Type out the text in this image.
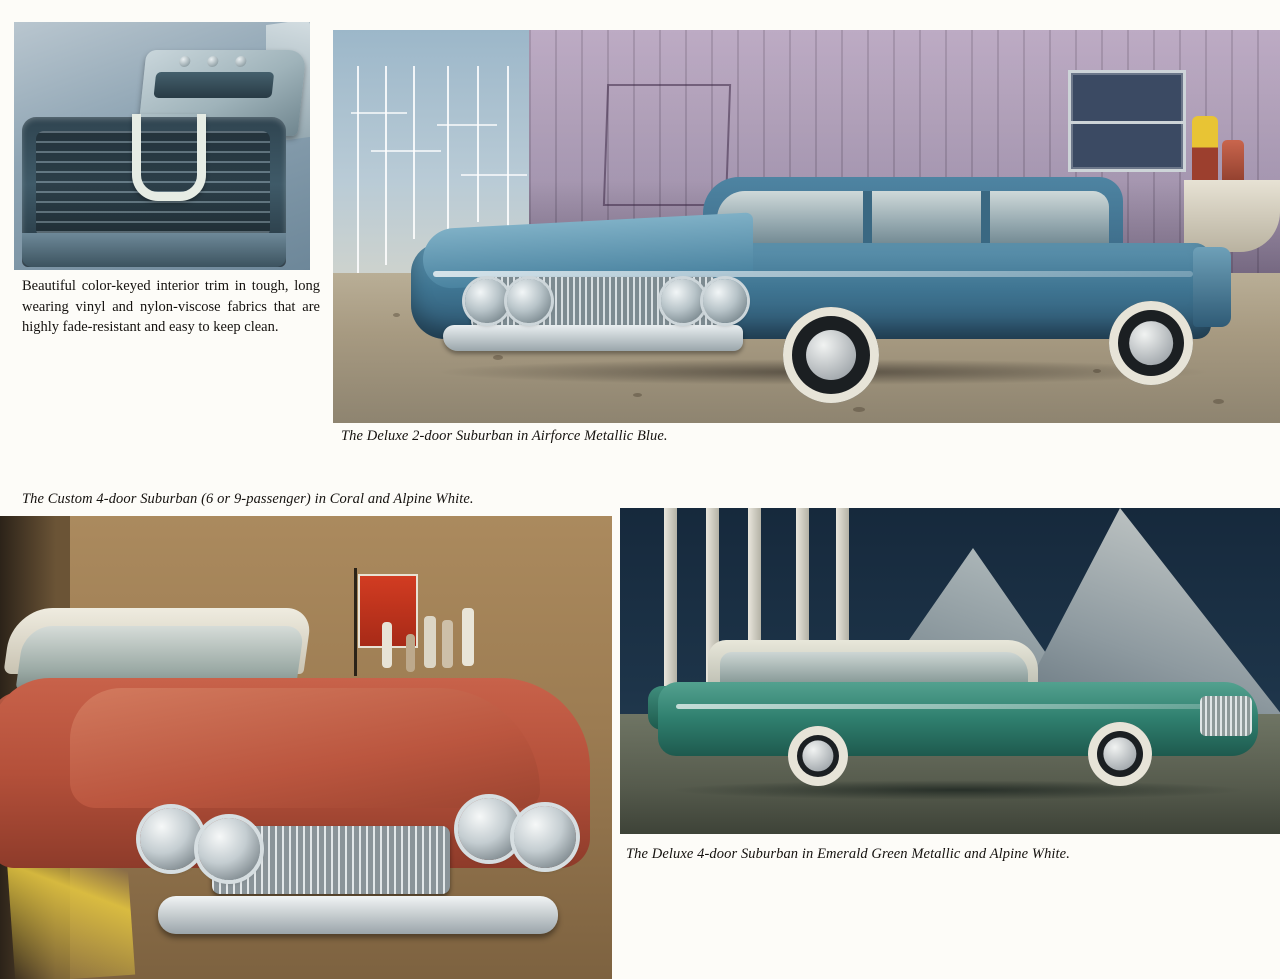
Beautiful color-keyed interior trim in tough, long wearing vinyl and nylon-viscose fabrics that are highly fade-resistant and easy to keep clean.
The Deluxe 2-door Suburban in Airforce Metallic Blue.
The Custom 4-door Suburban (6 or 9-passenger) in Coral and Alpine White.
The Deluxe 4-door Suburban in Emerald Green Metallic and Alpine White.
